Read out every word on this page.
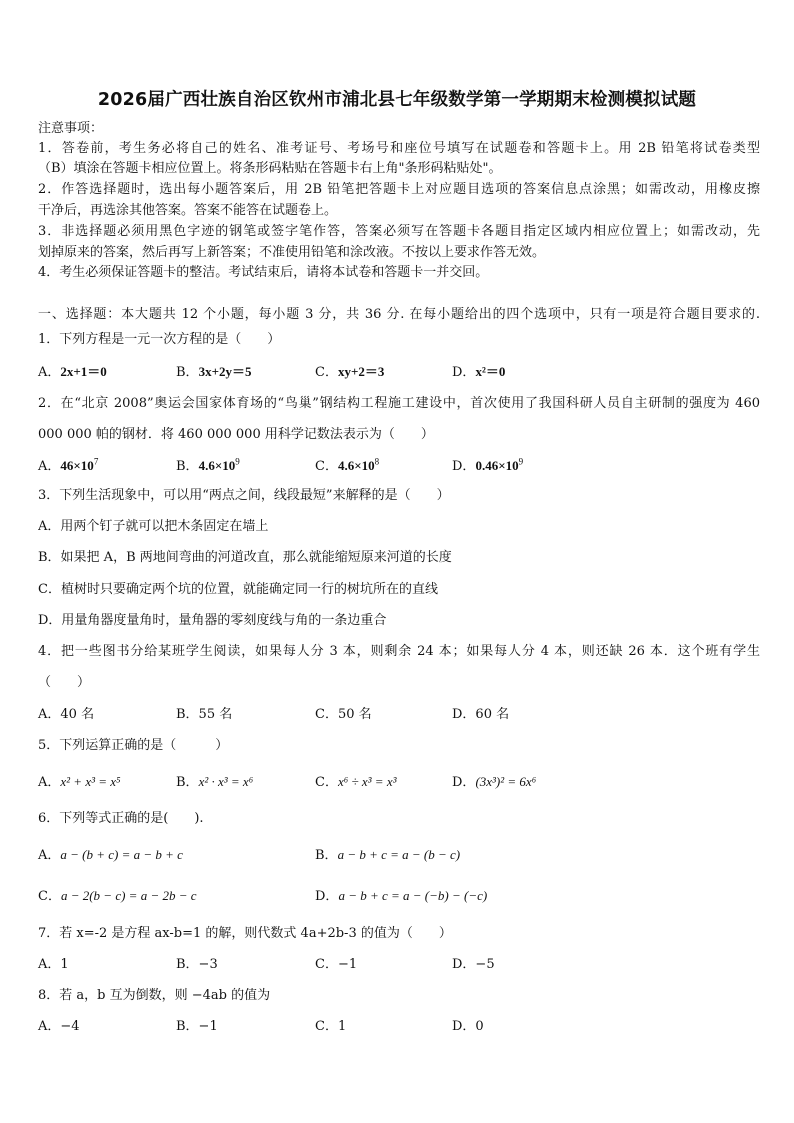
2026届广西壮族自治区钦州市浦北县七年级数学第一学期期末检测模拟试题
注意事项：
1．答卷前，考生务必将自己的姓名、准考证号、考场号和座位号填写在试题卷和答题卡上。用 2B 铅笔将试卷类型
（B）填涂在答题卡相应位置上。将条形码粘贴在答题卡右上角"条形码粘贴处"。
2．作答选择题时，选出每小题答案后，用 2B 铅笔把答题卡上对应题目选项的答案信息点涂黑；如需改动，用橡皮擦
干净后，再选涂其他答案。答案不能答在试题卷上。
3．非选择题必须用黑色字迹的钢笔或签字笔作答，答案必须写在答题卡各题目指定区域内相应位置上；如需改动，先
划掉原来的答案，然后再写上新答案；不准使用铅笔和涂改液。不按以上要求作答无效。
4．考生必须保证答题卡的整洁。考试结束后，请将本试卷和答题卡一并交回。
一、选择题：本大题共 12 个小题，每小题 3 分，共 36 分. 在每小题给出的四个选项中，只有一项是符合题目要求的.
1．下列方程是一元一次方程的是（　　）
A．2x+1＝0	B．3x+2y＝5	C．xy+2＝3	D．x²＝0
2．在“北京 2008”奥运会国家体育场的“鸟巢”钢结构工程施工建设中，首次使用了我国科研人员自主研制的强度为 460
000 000 帕的钢材．将 460 000 000 用科学记数法表示为（　　）
A．$46\times 10^7$	B．$4.6\times 10^9$	C．$4.6\times 10^8$	D．$0.46\times 10^9$
3．下列生活现象中，可以用“两点之间，线段最短”来解释的是（　　）
A．用两个钉子就可以把木条固定在墙上
B．如果把 A，B 两地间弯曲的河道改直，那么就能缩短原来河道的长度
C．植树时只要确定两个坑的位置，就能确定同一行的树坑所在的直线
D．用量角器度量角时，量角器的零刻度线与角的一条边重合
4．把一些图书分给某班学生阅读，如果每人分 3 本，则剩余 24 本；如果每人分 4 本，则还缺 26 本．这个班有学生
（　　）
A．40 名	B．55 名	C．50 名	D．60 名
5．下列运算正确的是（　　　）
A．x² + x³ = x⁵	B．x² · x³ = x⁶	C．x⁶ ÷ x³ = x³	D．(3x³)² = 6x⁶
6．下列等式正确的是(　　).
A．a − (b + c) = a − b + c	B．a − b + c = a − (b − c)
C．a − 2(b − c) = a − 2b − c	D．a − b + c = a − (−b) − (−c)
7．若 x=-2 是方程 ax-b=1 的解，则代数式 4a+2b-3 的值为（　　）
A．1	B．−3	C．−1	D．−5
8．若 a，b 互为倒数，则 −4ab 的值为
A．−4	B．−1	C．1	D．0
